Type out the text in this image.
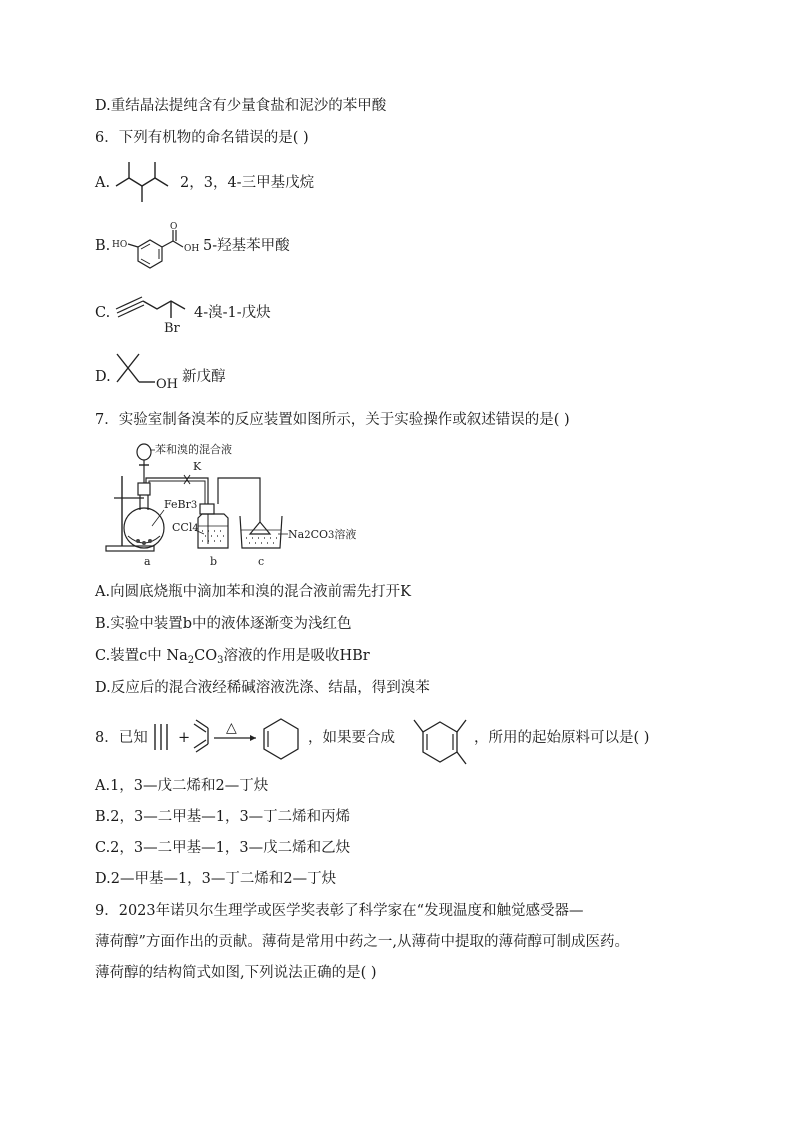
D.重结晶法提纯含有少量食盐和泥沙的苯甲酸
6．下列有机物的命名错误的是( )
A.	2，3，4-三甲基戊烷
B. HO
O
OH 5-羟基苯甲酸
C.
Br
4-溴-1-戊炔
D.	OH 新戊醇
7．实验室制备溴苯的反应装置如图所示，关于实验操作或叙述错误的是( )
苯和溴的混合液
FeBr3
K
CCl4	Na2CO3溶液
a	b	c
A.向圆底烧瓶中滴加苯和溴的混合液前需先打开K
B.实验中装置b中的液体逐渐变为浅红色
C.装置c中 $Na_2CO_3$溶液的作用是吸收HBr
D.反应后的混合液经稀碱溶液洗涤、结晶，得到溴苯
8．已知 +
△
，如果要合成	，所用的起始原料可以是( )
A.1，3—戊二烯和2—丁炔
B.2，3—二甲基—1，3—丁二烯和丙烯
C.2，3—二甲基—1，3—戊二烯和乙炔
D.2—甲基—1，3—丁二烯和2—丁炔
9．2023年诺贝尔生理学或医学奖表彰了科学家在“发现温度和触觉感受器—
薄荷醇”方面作出的贡献。薄荷是常用中药之一,从薄荷中提取的薄荷醇可制成医药。
薄荷醇的结构简式如图,下列说法正确的是( )
